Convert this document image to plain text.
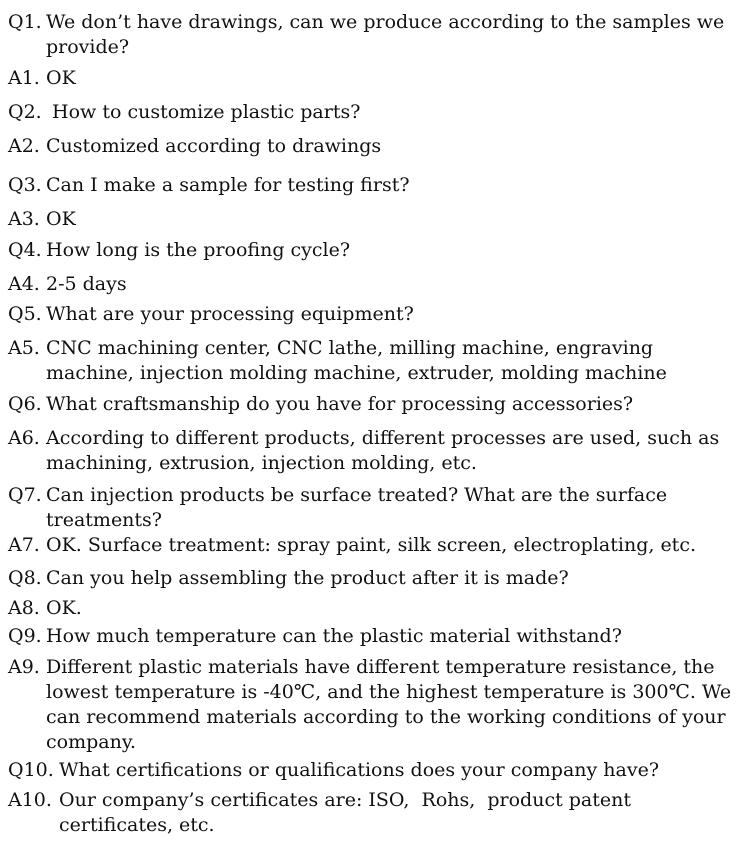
Q1. We don’t have drawings, can we produce according to the samples we provide?
A1. OK
Q2. How to customize plastic parts?
A2. Customized according to drawings
Q3. Can I make a sample for testing first?
A3. OK
Q4. How long is the proofing cycle?
A4. 2-5 days
Q5. What are your processing equipment?
A5. CNC machining center, CNC lathe, milling machine, engraving machine, injection molding machine, extruder, molding machine
Q6. What craftsmanship do you have for processing accessories?
A6. According to different products, different processes are used, such as machining, extrusion, injection molding, etc.
Q7. Can injection products be surface treated? What are the surface treatments?
A7. OK. Surface treatment: spray paint, silk screen, electroplating, etc.
Q8. Can you help assembling the product after it is made?
A8. OK.
Q9. How much temperature can the plastic material withstand?
A9. Different plastic materials have different temperature resistance, the lowest temperature is -40℃, and the highest temperature is 300℃. We can recommend materials according to the working conditions of your company.
Q10. What certifications or qualifications does your company have?
A10. Our company’s certificates are: ISO,  Rohs,  product patent certificates, etc.
